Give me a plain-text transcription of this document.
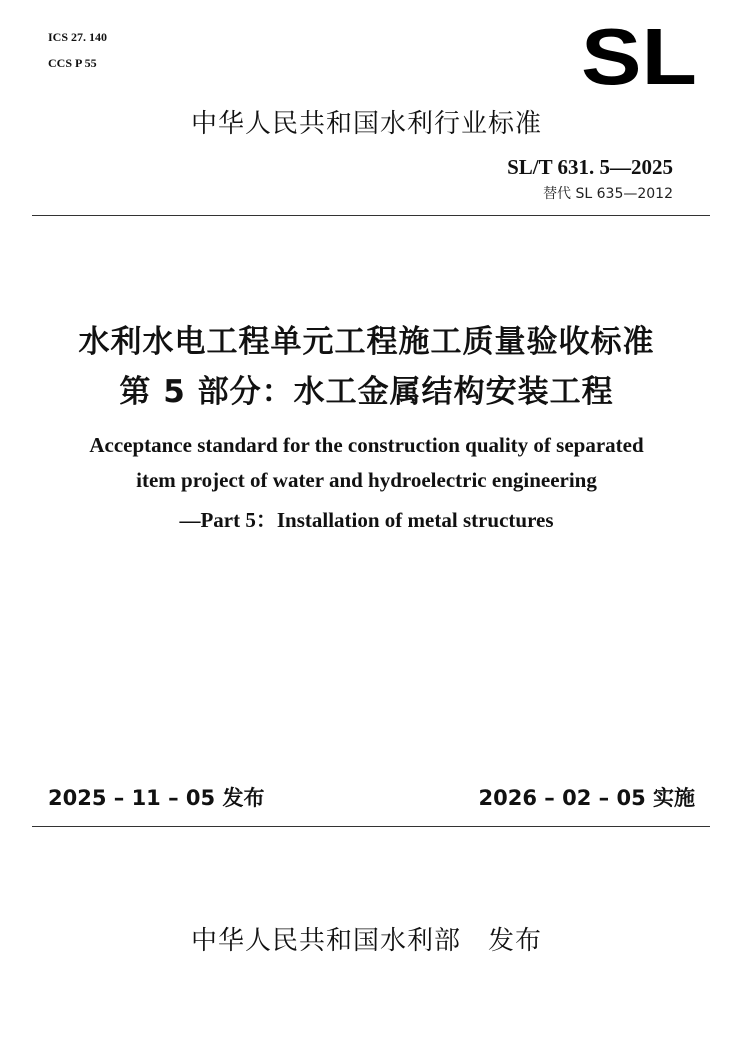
ICS 27. 140
CCS P 55	SL
中华人民共和国水利行业标准
SL/T 631. 5—2025
替代 SL 635—2012
水利水电工程单元工程施工质量验收标准
第 5 部分：水工金属结构安装工程
Acceptance standard for the construction quality of separated
item project of water and hydroelectric engineering
—Part 5：Installation of metal structures
2025 – 11 – 05 发布	2026 – 02 – 05 实施
中华人民共和国水利部　发布
